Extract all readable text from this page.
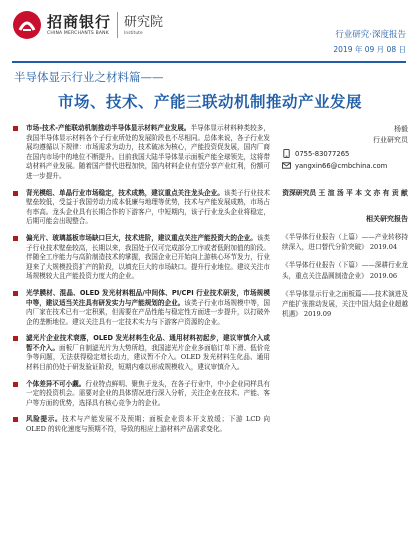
招商银行
CHINA MERCHANTS BANK
研究院
Institute	行业研究·深度报告
2019 年 09 月 08 日
半导体显示行业之材料篇——
市场、技术、产能三联动机制推动产业发展
市场-技术-产能联动机制推动半导体显示材料产业发展。半导体显示材料种类较多，我国半导体显示材料各个子行业所处的发展阶段也不尽相同。总体来说，各子行业发展均遵循以下规律：市场需求为动力，技术破冰为核心，产能投资促发展，国内厂商在国内市场中的地位不断提升。目前我国大陆半导体显示面板产能全球领先，这将带动材料产业发展。随着国产替代进程加快，国内材料企业有望分享产业红利，份额可进一步提升。
背光模组、单晶行业市场稳定，技术成熟，建议重点关注龙头企业。该类子行业技术壁垒较低，受益于我国劳动力成本低廉与地理等优势，技术与产能发展成熟，市场占有率高。龙头企业具有长期合作的下游客户，中短期内，该子行业龙头企业将稳定，后期可能会出现整合。
偏光片、玻璃基板市场缺口巨大，技术进阶，建议重点关注产能投资大的企业。该类子行业技术壁垒较高，长期以来，我国处于仅可完成部分工序或者低附加值的阶段。伴随全工序能力与高阶制造技术的掌握，我国企业已开始向上游核心环节发力，行业迎来了大规模投资扩产的阶段，以填充巨大的市场缺口。提升行业地位。建议关注市场规模较大且产能投资力度大的企业。
光学膜材、混晶、OLED 发光材料粗品/中间体、PI/CPI 行业技术研发，市场规模中等，建议适当关注具有研发实力与产能规划的企业。该类子行业市场规模中等，国内厂家在技术已有一定积累，但需要在产品性能与稳定性方面进一步提升，以打破外企的垄断地位。建议关注具有一定技术实力与下游客户资源的企业。
滤光片企业技术衰落，OLED 发光材料生化品、通用材料初起步，建议审慎介入或暂不介入。面板厂自制滤光片为大势所趋，我国滤光片企业多面临订单下滑、低价竞争等问题，无法获得稳定增长动力，建议暂不介入。OLED 发光材料生化品、通用材料目前仍处于研发验证阶段，短期内难以形成规模收入，建议审慎介入。
个体差异不可小觑。行业特点鲜明、聚焦于龙头，在各子行业中，中小企业同样具有一定的投资机会。需要对企业的具体情况进行深入分析，关注企业在技术、产能、客户等方面的优势，选择具有核心竞争力的企业。
风险提示。技术与产能发展不及预期；面板企业资本开支放缓；下游 LCD 向 OLED 的转化速度与预期不符，导致的相应上游材料产品需求变化。
杨毅
行业研究员
0755-83077265
yangxin66@cmbchina.com
资深研究员 王 渲 汤 平 本 文 亦 有 贡 献
相关研究报告
《半导体行业报告（上篇）——产业转移持续深入，进口替代分阶突破》 2019.04
《半导体行业报告（下篇）——深耕行业龙头，重点关注晶圆制造企业》 2019.06
《半导体显示行业之面板篇——技术演进及产能扩张推动发展，关注中国大陆企业超越机遇》 2019.09
